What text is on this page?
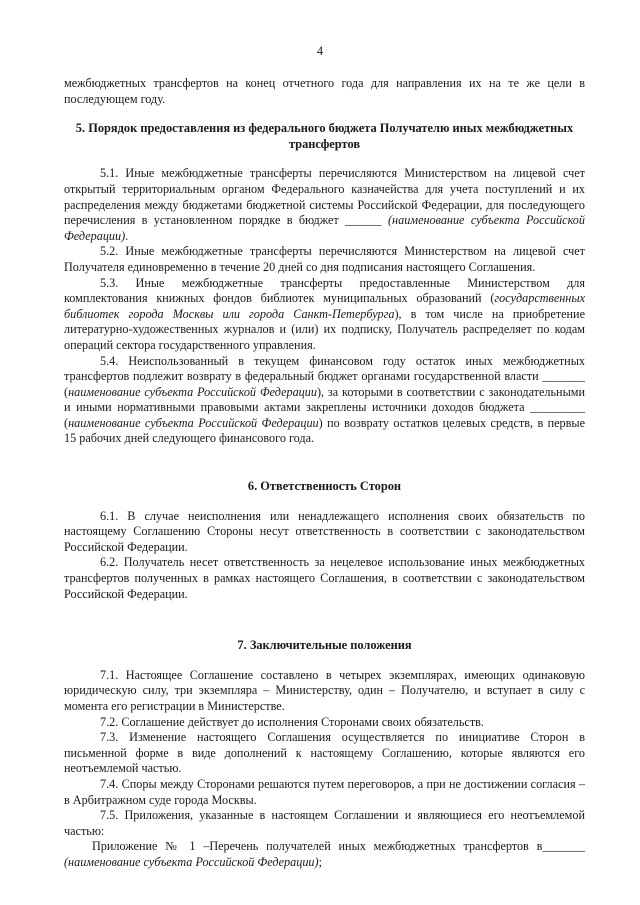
4

межбюджетных трансфертов на конец отчетного года для направления их на те же цели в последующем году.

5. Порядок предоставления из федерального бюджета Получателю иных межбюджетных трансфертов

5.1. Иные межбюджетные трансферты перечисляются Министерством на лицевой счет открытый территориальным органом Федерального казначейства для учета поступлений и их распределения между бюджетами бюджетной системы Российской Федерации, для последующего перечисления в установленном порядке в бюджет ______ (наименование субъекта Российской Федерации).

5.2. Иные межбюджетные трансферты перечисляются Министерством на лицевой счет Получателя единовременно в течение 20 дней со дня подписания настоящего Соглашения.

5.3. Иные межбюджетные трансферты предоставленные Министерством для комплектования книжных фондов библиотек муниципальных образований (государственных библиотек города Москвы или города Санкт-Петербурга), в том числе на приобретение литературно-художественных журналов и (или) их подписку, Получатель распределяет по кодам операций сектора государственного управления.

5.4. Неиспользованный в текущем финансовом году остаток иных межбюджетных трансфертов подлежит возврату в федеральный бюджет органами государственной власти _______ (наименование субъекта Российской Федерации), за которыми в соответствии с законодательными и иными нормативными правовыми актами закреплены источники доходов бюджета _________ (наименование субъекта Российской Федерации) по возврату остатков целевых средств, в первые 15 рабочих дней следующего финансового года.

6. Ответственность Сторон

6.1. В случае неисполнения или ненадлежащего исполнения своих обязательств по настоящему Соглашению Стороны несут ответственность в соответствии с законодательством Российской Федерации.

6.2. Получатель несет ответственность за нецелевое использование иных межбюджетных трансфертов полученных в рамках настоящего Соглашения, в соответствии с законодательством Российской Федерации.

7. Заключительные положения

7.1. Настоящее Соглашение составлено в четырех экземплярах, имеющих одинаковую юридическую силу, три экземпляра – Министерству, один – Получателю, и вступает в силу с момента его регистрации в Министерстве.

7.2. Соглашение действует до исполнения Сторонами своих обязательств.

7.3. Изменение настоящего Соглашения осуществляется по инициативе Сторон в письменной форме в виде дополнений к настоящему Соглашению, которые являются его неотъемлемой частью.

7.4. Споры между Сторонами решаются путем переговоров, а при не достижении согласия – в Арбитражном суде города Москвы.

7.5. Приложения, указанные в настоящем Соглашении и являющиеся его неотъемлемой частью:

Приложение № 1 –Перечень получателей иных межбюджетных трансфертов в_______ (наименование субъекта Российской Федерации);
